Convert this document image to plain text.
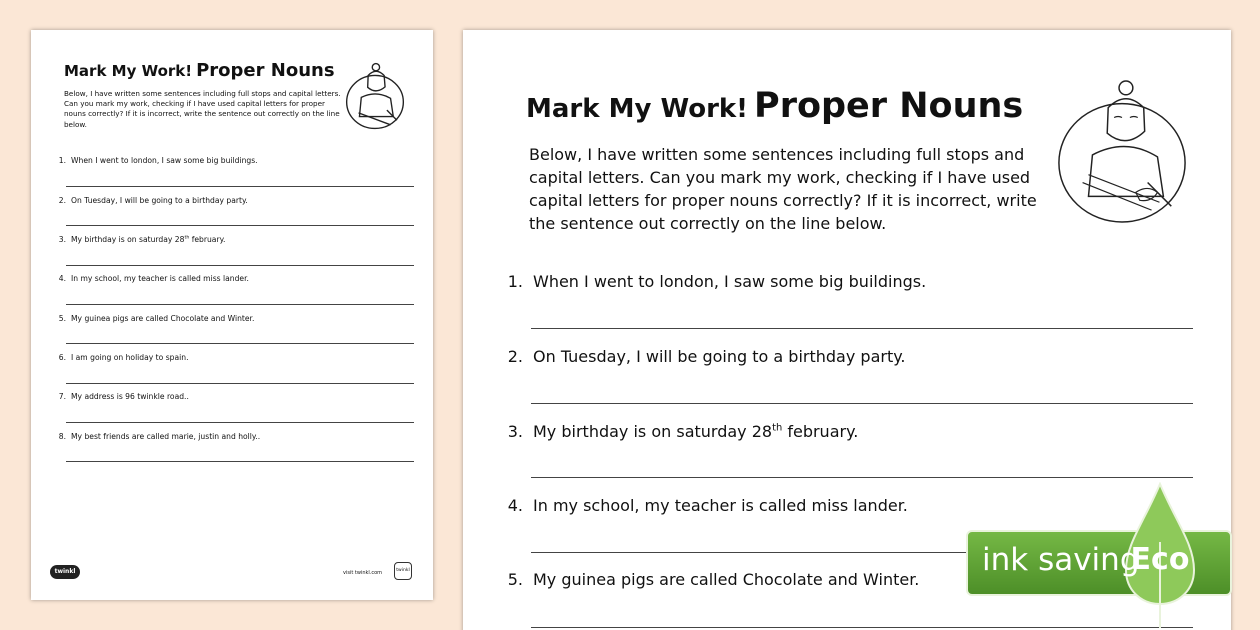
Mark My Work! Proper Nouns
Below, I have written some sentences including full stops and capital letters. Can you mark my work, checking if I have used capital letters for proper nouns correctly? If it is incorrect, write the sentence out correctly on the line below.
1. When I went to london, I saw some big buildings.
2. On Tuesday, I will be going to a birthday party.
3. My birthday is on saturday 28th february.
4. In my school, my teacher is called miss lander.
5. My guinea pigs are called Chocolate and Winter.
6. I am going on holiday to spain.
7. My address is 96 twinkle road..
8. My best friends are called marie, justin and holly..
twinkl	visit twinkl.com	twinkl
Mark My Work! Proper Nouns
Below, I have written some sentences including full stops and capital letters. Can you mark my work, checking if I have used capital letters for proper nouns correctly? If it is incorrect, write the sentence out correctly on the line below.
1. When I went to london, I saw some big buildings.
2. On Tuesday, I will be going to a birthday party.
3. My birthday is on saturday 28th february.
4. In my school, my teacher is called miss lander.
5. My guinea pigs are called Chocolate and Winter.
ink saving
Eco
